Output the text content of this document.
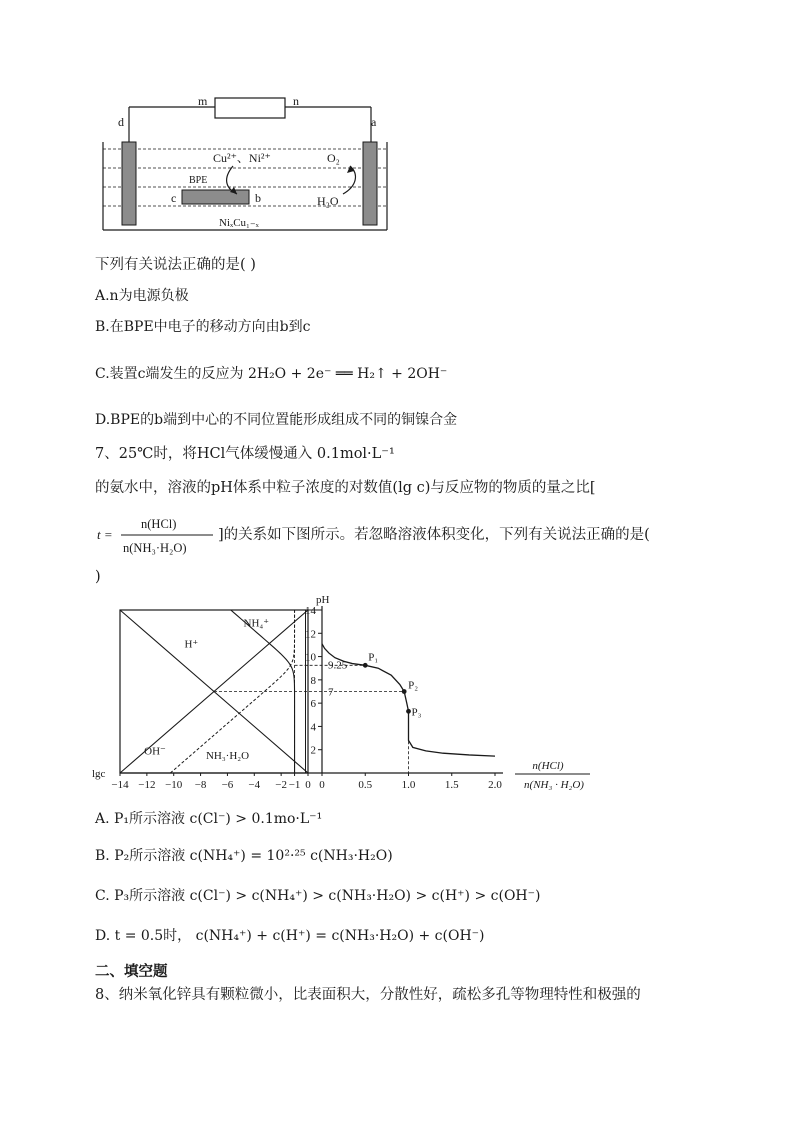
m	n
d	a
BPE
c	b
Cu²⁺、Ni²⁺	O₂
H₂O
NiₓCu₁₋ₓ
下列有关说法正确的是( )
A.n为电源负极
B.在BPE中电子的移动方向由b到c
C.装置c端发生的反应为 2H₂O + 2e⁻ ══ H₂↑ + 2OH⁻
D.BPE的b端到中心的不同位置能形成组成不同的铜镍合金
7、25℃时，将HCl气体缓慢通入 0.1mol·L⁻¹
的氨水中，溶液的pH体系中粒子浓度的对数值(lg c)与反应物的物质的量之比[
t =
n(HCl)
n(NH₃·H₂O)
]的关系如下图所示。若忽略溶液体积变化，下列有关说法正确的是(
)
pH
2
4
6
8
10
12
14
9.25
7
−14 −12 −10 −8 −6 −4 −2 −1 0
lgc
0	0.5	1.0	1.5	2.0
n(HCl)
n(NH₃ · H₂O)
H⁺
NH₄⁺
OH⁻	NH₃·H₂O
P₁
P₂
P₃
A. P₁所示溶液 c(Cl⁻) > 0.1mo·L⁻¹
B. P₂所示溶液 c(NH₄⁺) = 10²·²⁵ c(NH₃·H₂O)
C. P₃所示溶液 c(Cl⁻) > c(NH₄⁺) > c(NH₃·H₂O) > c(H⁺) > c(OH⁻)
D. t = 0.5时， c(NH₄⁺) + c(H⁺) = c(NH₃·H₂O) + c(OH⁻)
二、填空题
8、纳米氧化锌具有颗粒微小，比表面积大，分散性好，疏松多孔等物理特性和极强的
